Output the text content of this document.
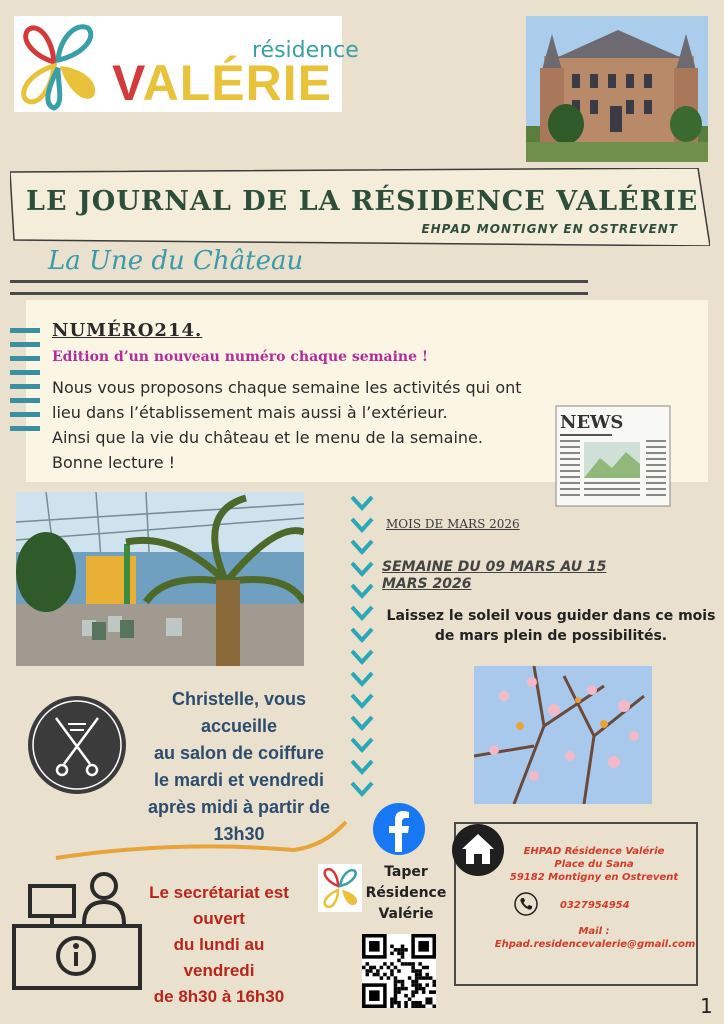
résidence
VALÉRIE
LE JOURNAL DE LA RÉSIDENCE VALÉRIE
EHPAD MONTIGNY EN OSTREVENT
La Une du Château
NUMÉRO214.
Edition d’un nouveau numéro chaque semaine !
Nous vous proposons chaque semaine les activités qui ont
lieu dans l’établissement mais aussi à l’extérieur.
Ainsi que la vie du château et le menu de la semaine.
Bonne lecture !
NEWS
MOIS DE MARS 2026
SEMAINE DU 09 MARS AU 15 MARS 2026
Laissez le soleil vous guider dans ce mois de mars plein de possibilités.
Christelle, vous
accueille
au salon de coiffure
le mardi et vendredi
après midi à partir de
13h30
Le secrétariat est
ouvert
du lundi au
vendredi
de 8h30 à 16h30
Taper
Résidence
Valérie
EHPAD Résidence Valérie
Place du Sana
59182 Montigny en Ostrevent
0327954954
Mail :
Ehpad.residencevalerie@gmail.com
1
